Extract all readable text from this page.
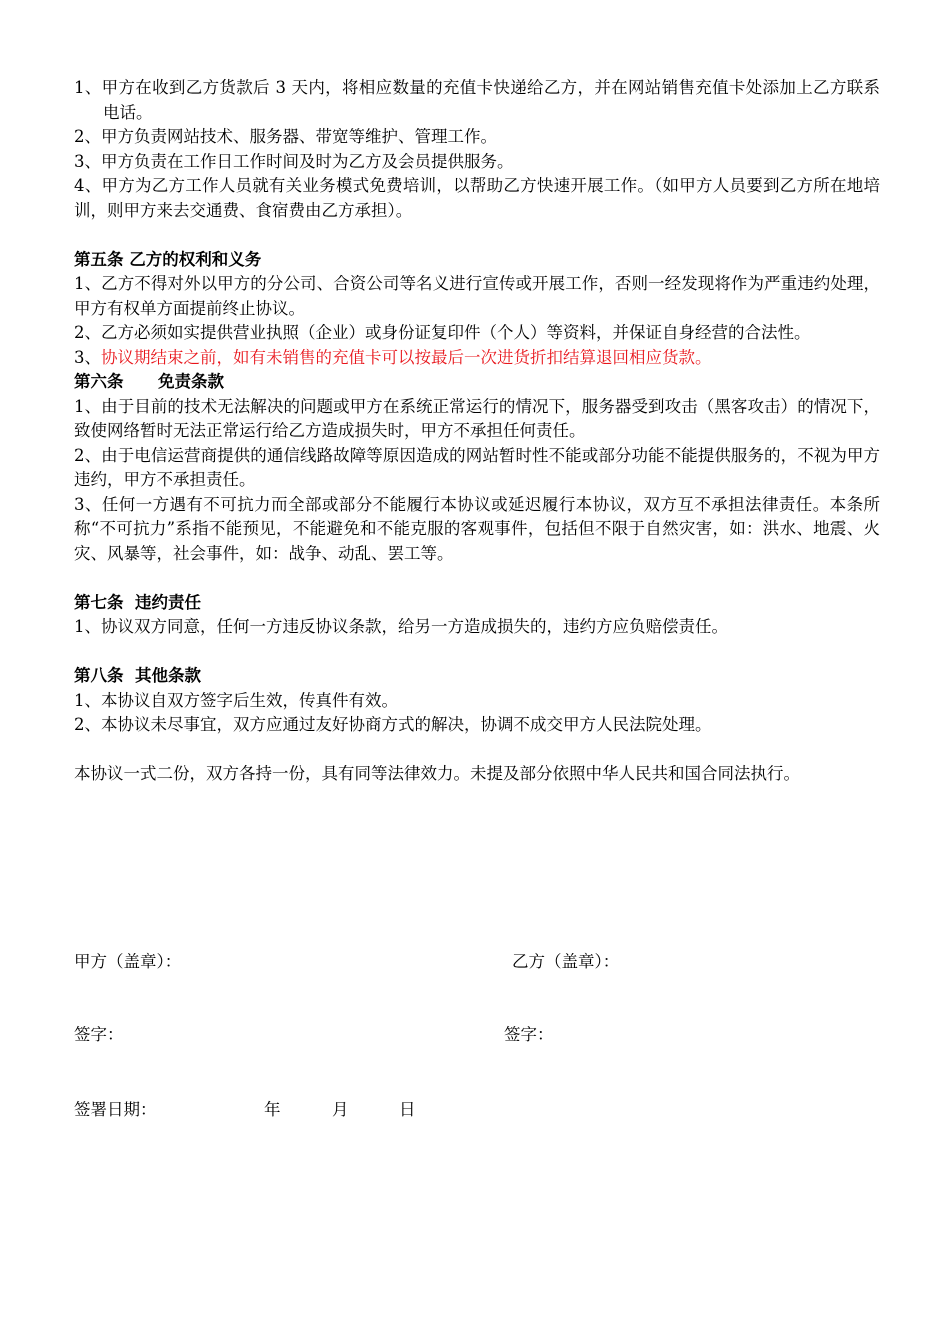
1、甲方在收到乙方货款后 3 天内，将相应数量的充值卡快递给乙方，并在网站销售充值卡处添加上乙方联系电话。

2、甲方负责网站技术、服务器、带宽等维护、管理工作。

3、甲方负责在工作日工作时间及时为乙方及会员提供服务。

4、甲方为乙方工作人员就有关业务模式免费培训，以帮助乙方快速开展工作。（如甲方人员要到乙方所在地培训，则甲方来去交通费、食宿费由乙方承担）。

第五条 乙方的权利和义务

1、乙方不得对外以甲方的分公司、合资公司等名义进行宣传或开展工作，否则一经发现将作为严重违约处理，甲方有权单方面提前终止协议。

2、乙方必须如实提供营业执照（企业）或身份证复印件（个人）等资料，并保证自身经营的合法性。

3、协议期结束之前，如有未销售的充值卡可以按最后一次进货折扣结算退回相应货款。

第六条      免责条款

1、由于目前的技术无法解决的问题或甲方在系统正常运行的情况下，服务器受到攻击（黑客攻击）的情况下，致使网络暂时无法正常运行给乙方造成损失时，甲方不承担任何责任。

2、由于电信运营商提供的通信线路故障等原因造成的网站暂时性不能或部分功能不能提供服务的，不视为甲方违约，甲方不承担责任。

3、任何一方遇有不可抗力而全部或部分不能履行本协议或延迟履行本协议，双方互不承担法律责任。本条所称“不可抗力”系指不能预见，不能避免和不能克服的客观事件，包括但不限于自然灾害，如：洪水、地震、火灾、风暴等，社会事件，如：战争、动乱、罢工等。

第七条  违约责任

1、协议双方同意，任何一方违反协议条款，给另一方造成损失的，违约方应负赔偿责任。

第八条  其他条款

1、本协议自双方签字后生效，传真件有效。

2、本协议未尽事宜，双方应通过友好协商方式的解决，协调不成交甲方人民法院处理。

本协议一式二份，双方各持一份，具有同等法律效力。未提及部分依照中华人民共和国合同法执行。

甲方（盖章）：	乙方（盖章）：
签字：	签字：
签署日期：	年	月	日
